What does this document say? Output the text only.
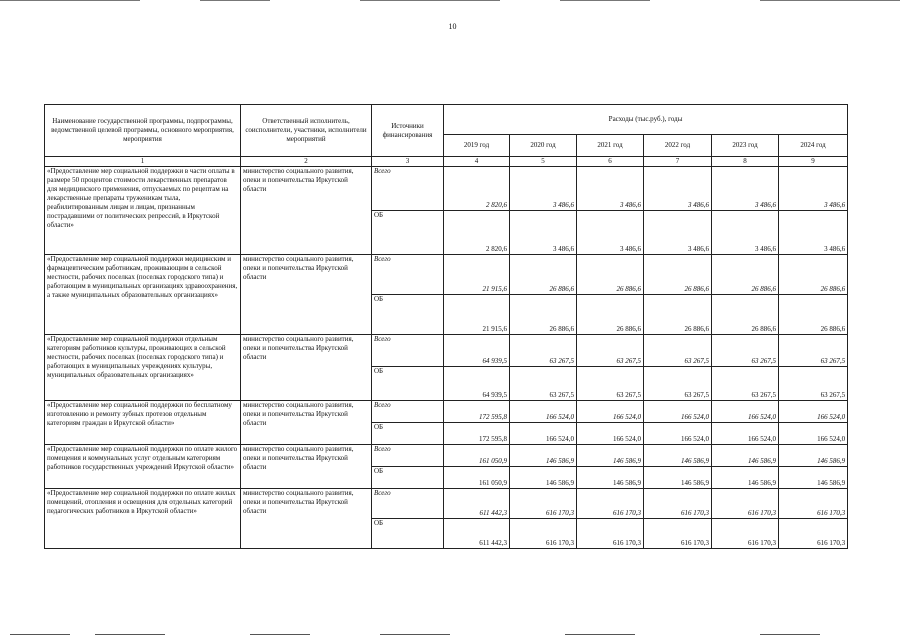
10
Наименование государственной программы, подпрограммы, ведомственной целевой программы, основного мероприятия, мероприятия	Ответственный исполнитель, соисполнители, участники, исполнители мероприятий	Источники финансирования	Расходы (тыс.руб.), годы					
			2019 год	2020 год	2021 год	2022 год	2023 год	2024 год
1	2	3	4	5	6	7	8	9
«Предоставление мер социальной поддержки в части оплаты в размере 50 процентов стоимости лекарственных препаратов для медицинского применения, отпускаемых по рецептам на лекарственные препараты труженикам тыла, реабилитированным лицам и лицам, признанным пострадавшими от политических репрессий, в Иркутской области»	министерство социального развития, опеки и попечительства Иркутской области	Всего	2 820,6	3 486,6	3 486,6	3 486,6	3 486,6	3 486,6
		ОБ	2 820,6	3 486,6	3 486,6	3 486,6	3 486,6	3 486,6
«Предоставление мер социальной поддержки медицинским и фармацевтическим работникам, проживающим в сельской местности, рабочих поселках (поселках городского типа) и работающим в муниципальных организациях здравоохранения, а также муниципальных образовательных организациях»	министерство социального развития, опеки и попечительства Иркутской области	Всего	21 915,6	26 886,6	26 886,6	26 886,6	26 886,6	26 886,6
		ОБ	21 915,6	26 886,6	26 886,6	26 886,6	26 886,6	26 886,6
«Предоставление мер социальной поддержки отдельным категориям работников культуры, проживающих в сельской местности, рабочих поселках (поселках городского типа) и работающих в муниципальных учреждениях культуры, муниципальных образовательных организациях»	министерство социального развития, опеки и попечительства Иркутской области	Всего	64 939,5	63 267,5	63 267,5	63 267,5	63 267,5	63 267,5
		ОБ	64 939,5	63 267,5	63 267,5	63 267,5	63 267,5	63 267,5
«Предоставление мер социальной поддержки по бесплатному изготовлению и ремонту зубных протезов отдельным категориям граждан в Иркутской области»	министерство социального развития, опеки и попечительства Иркутской области	Всего	172 595,8	166 524,0	166 524,0	166 524,0	166 524,0	166 524,0
		ОБ	172 595,8	166 524,0	166 524,0	166 524,0	166 524,0	166 524,0
«Предоставление мер социальной поддержки по оплате жилого помещения и коммунальных услуг отдельным категориям работников государственных учреждений Иркутской области»	министерство социального развития, опеки и попечительства Иркутской области	Всего	161 050,9	146 586,9	146 586,9	146 586,9	146 586,9	146 586,9
		ОБ	161 050,9	146 586,9	146 586,9	146 586,9	146 586,9	146 586,9
«Предоставление мер социальной поддержки по оплате жилых помещений, отопления и освещения для отдельных категорий педагогических работников в Иркутской области»	министерство социального развития, опеки и попечительства Иркутской области	Всего	611 442,3	616 170,3	616 170,3	616 170,3	616 170,3	616 170,3
		ОБ	611 442,3	616 170,3	616 170,3	616 170,3	616 170,3	616 170,3
